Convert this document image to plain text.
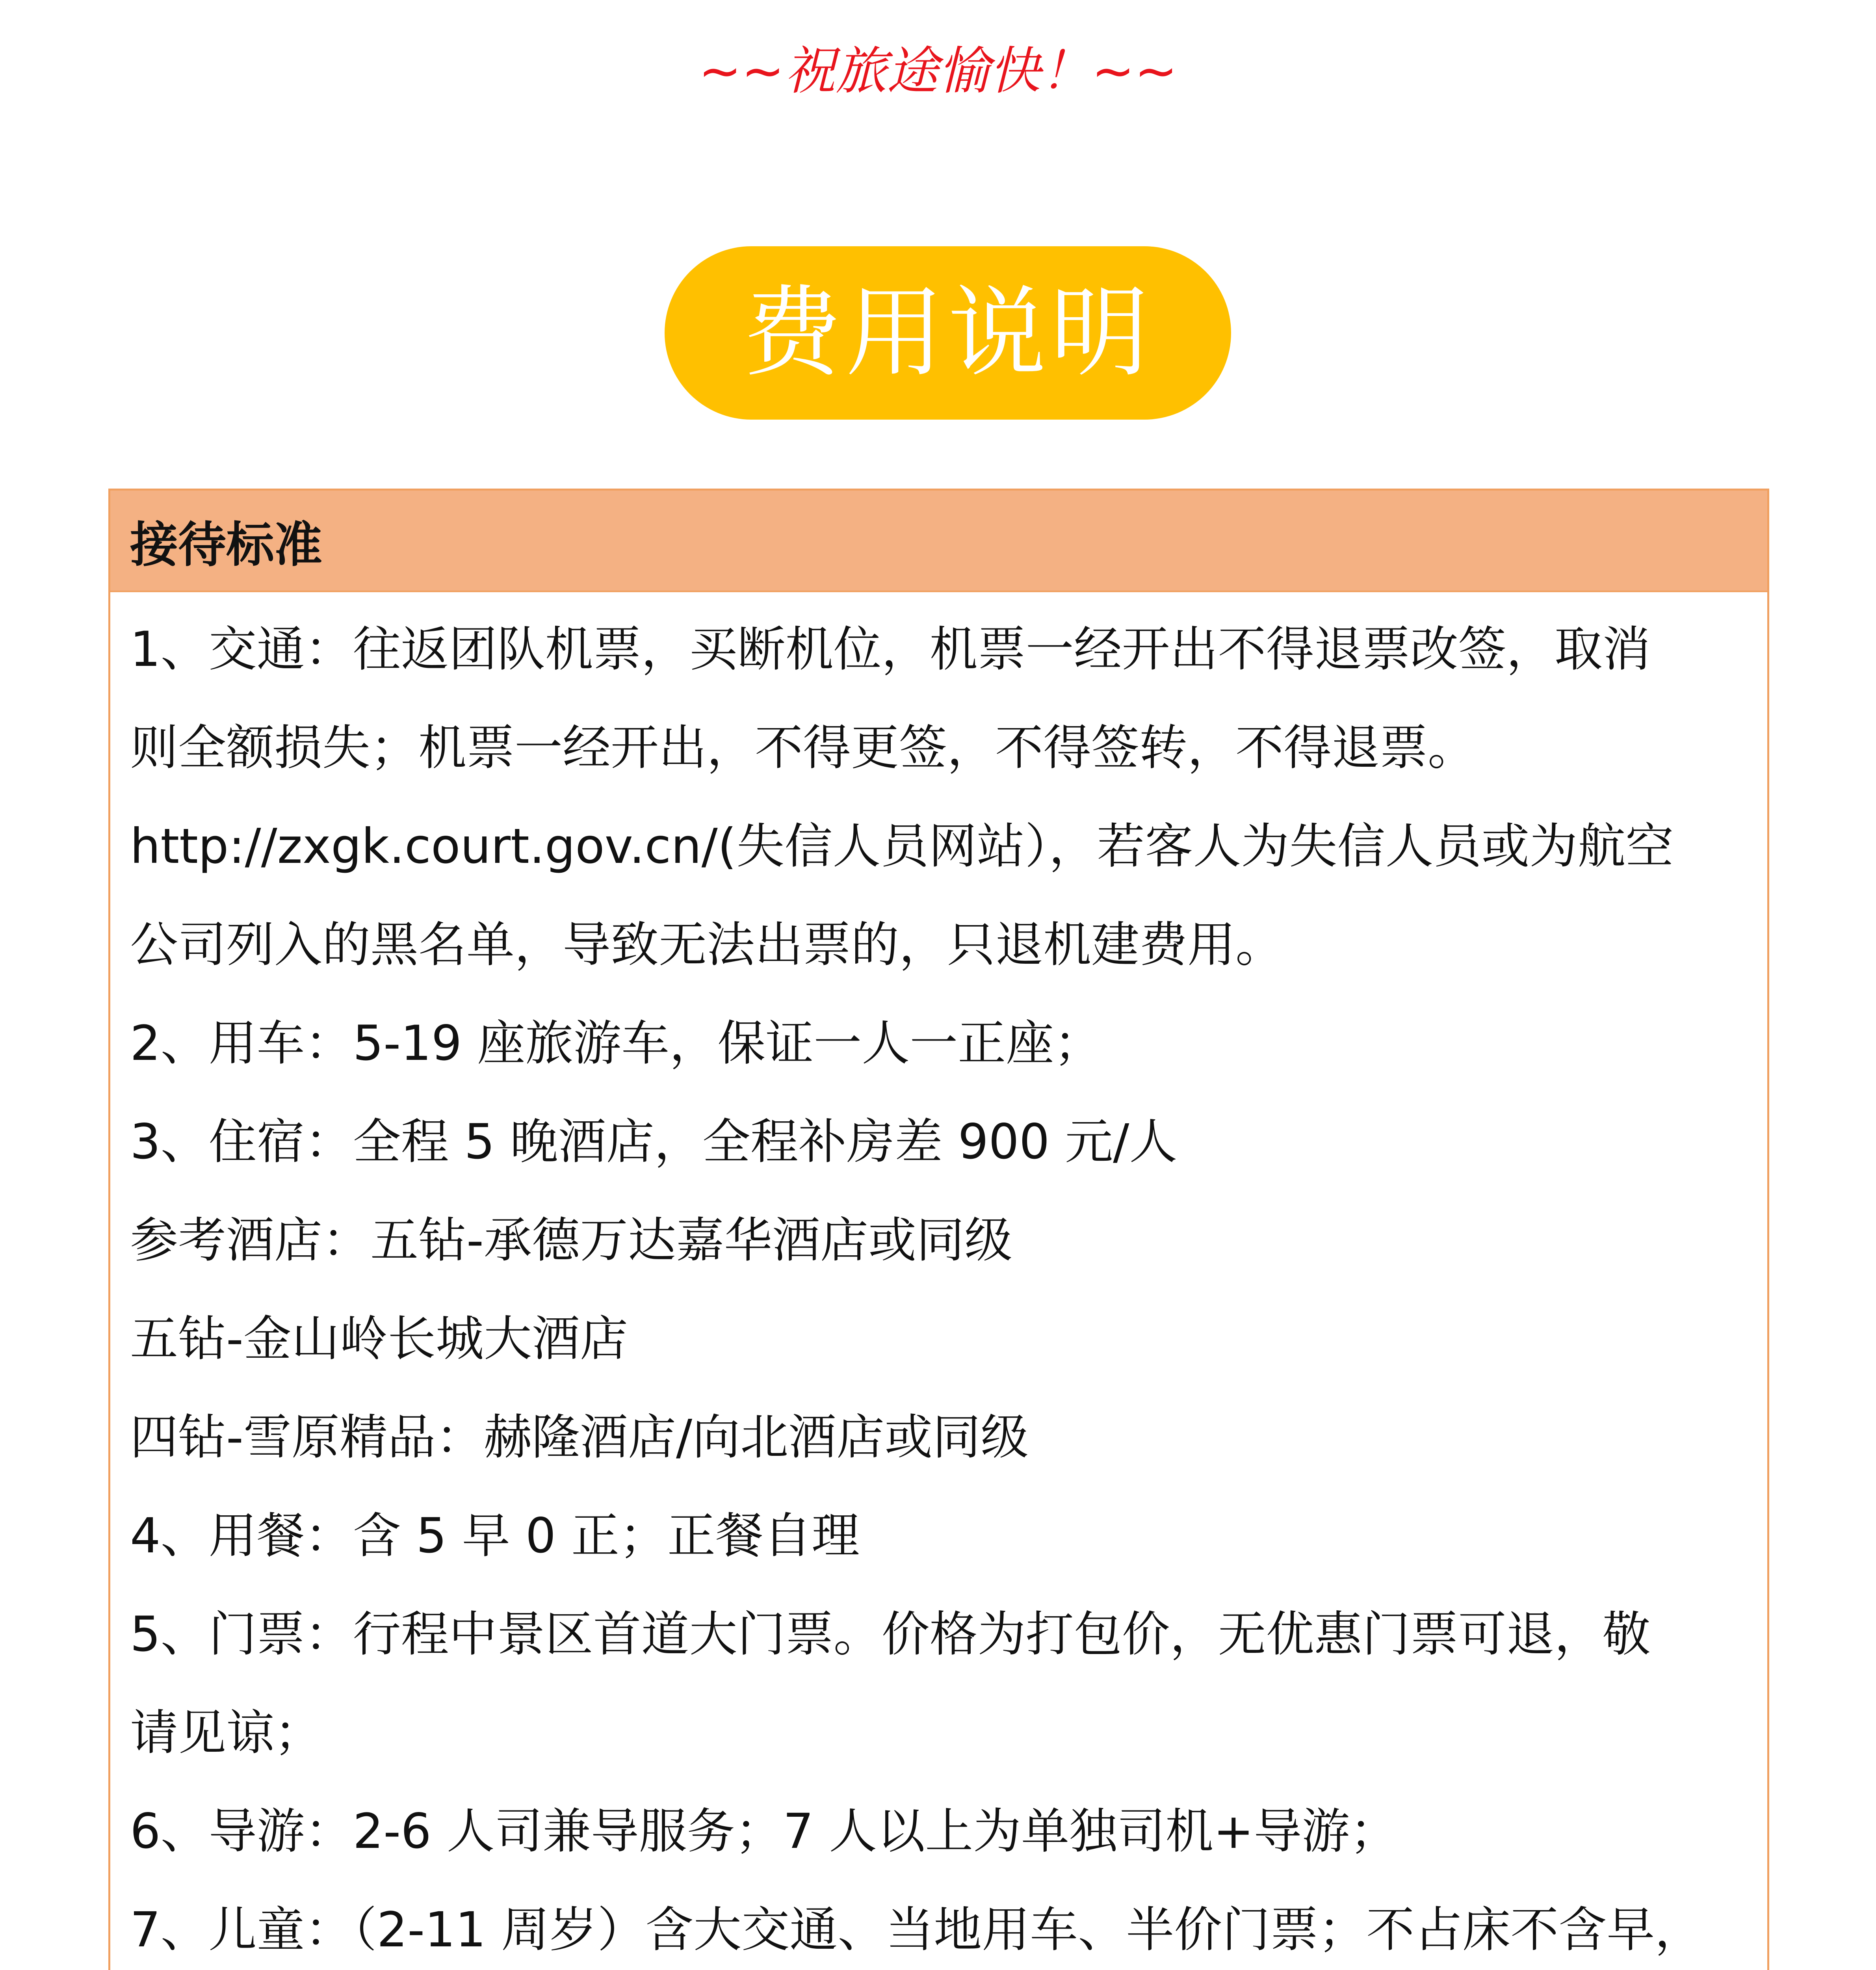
~~祝旅途愉快！~~
费用说明
接待标准
1、交通：往返团队机票，买断机位，机票一经开出不得退票改签，取消
则全额损失；机票一经开出，不得更签，不得签转，不得退票。
http://zxgk.court.gov.cn/(失信人员网站），若客人为失信人员或为航空
公司列入的黑名单，导致无法出票的，只退机建费用。
2、用车：5-19 座旅游车，保证一人一正座；
3、住宿：全程 5 晚酒店，全程补房差 900 元/人
参考酒店：五钻-承德万达嘉华酒店或同级
五钻-金山岭长城大酒店
四钻-雪原精品：赫隆酒店/向北酒店或同级
4、用餐：含 5 早 0 正；正餐自理
5、门票：行程中景区首道大门票。价格为打包价，无优惠门票可退，敬
请见谅；
6、导游：2-6 人司兼导服务；7 人以上为单独司机+导游；
7、儿童：（2-11 周岁）含大交通、当地用车、半价门票；不占床不含早，
